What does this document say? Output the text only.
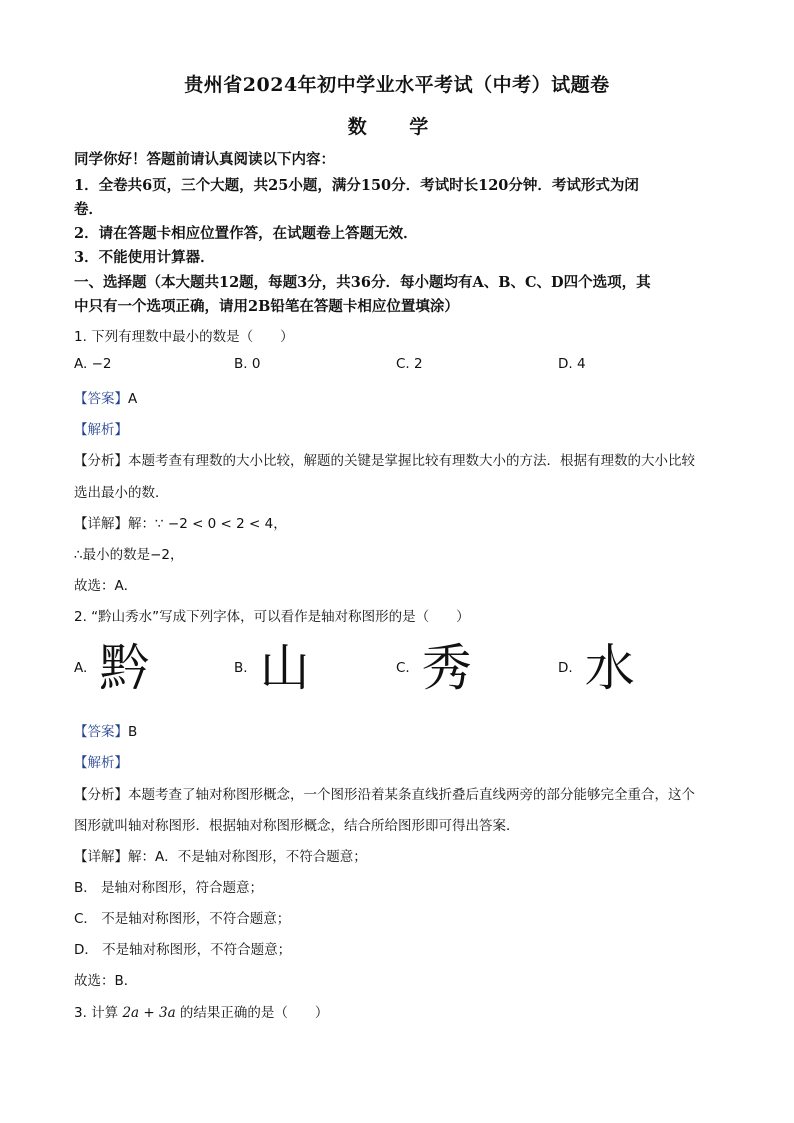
贵州省2024年初中学业水平考试（中考）试题卷
数 学
同学你好！答题前请认真阅读以下内容：
1．全卷共6页，三个大题，共25小题，满分150分．考试时长120分钟．考试形式为闭
卷．
2．请在答题卡相应位置作答，在试题卷上答题无效．
3．不能使用计算器．
一、选择题（本大题共12题，每题3分，共36分．每小题均有A、B、C、D四个选项，其
中只有一个选项正确，请用2B铅笔在答题卡相应位置填涂）
1. 下列有理数中最小的数是（　　）
A. −2	B. 0	C. 2	D. 4
【答案】A
【解析】
【分析】本题考查有理数的大小比较，解题的关键是掌握比较有理数大小的方法．根据有理数的大小比较
选出最小的数．
【详解】解：∵ −2 < 0 < 2 < 4，
∴最小的数是−2，
故选：A．
2. “黔山秀水”写成下列字体，可以看作是轴对称图形的是（　　）
A. 黔	B. 山	C. 秀	D. 水
【答案】B
【解析】
【分析】本题考查了轴对称图形概念，一个图形沿着某条直线折叠后直线两旁的部分能够完全重合，这个
图形就叫轴对称图形．根据轴对称图形概念，结合所给图形即可得出答案．
【详解】解：A．不是轴对称图形，不符合题意；
B． 是轴对称图形，符合题意；
C． 不是轴对称图形，不符合题意；
D． 不是轴对称图形，不符合题意；
故选：B．
3. 计算 2a + 3a 的结果正确的是（　　）
